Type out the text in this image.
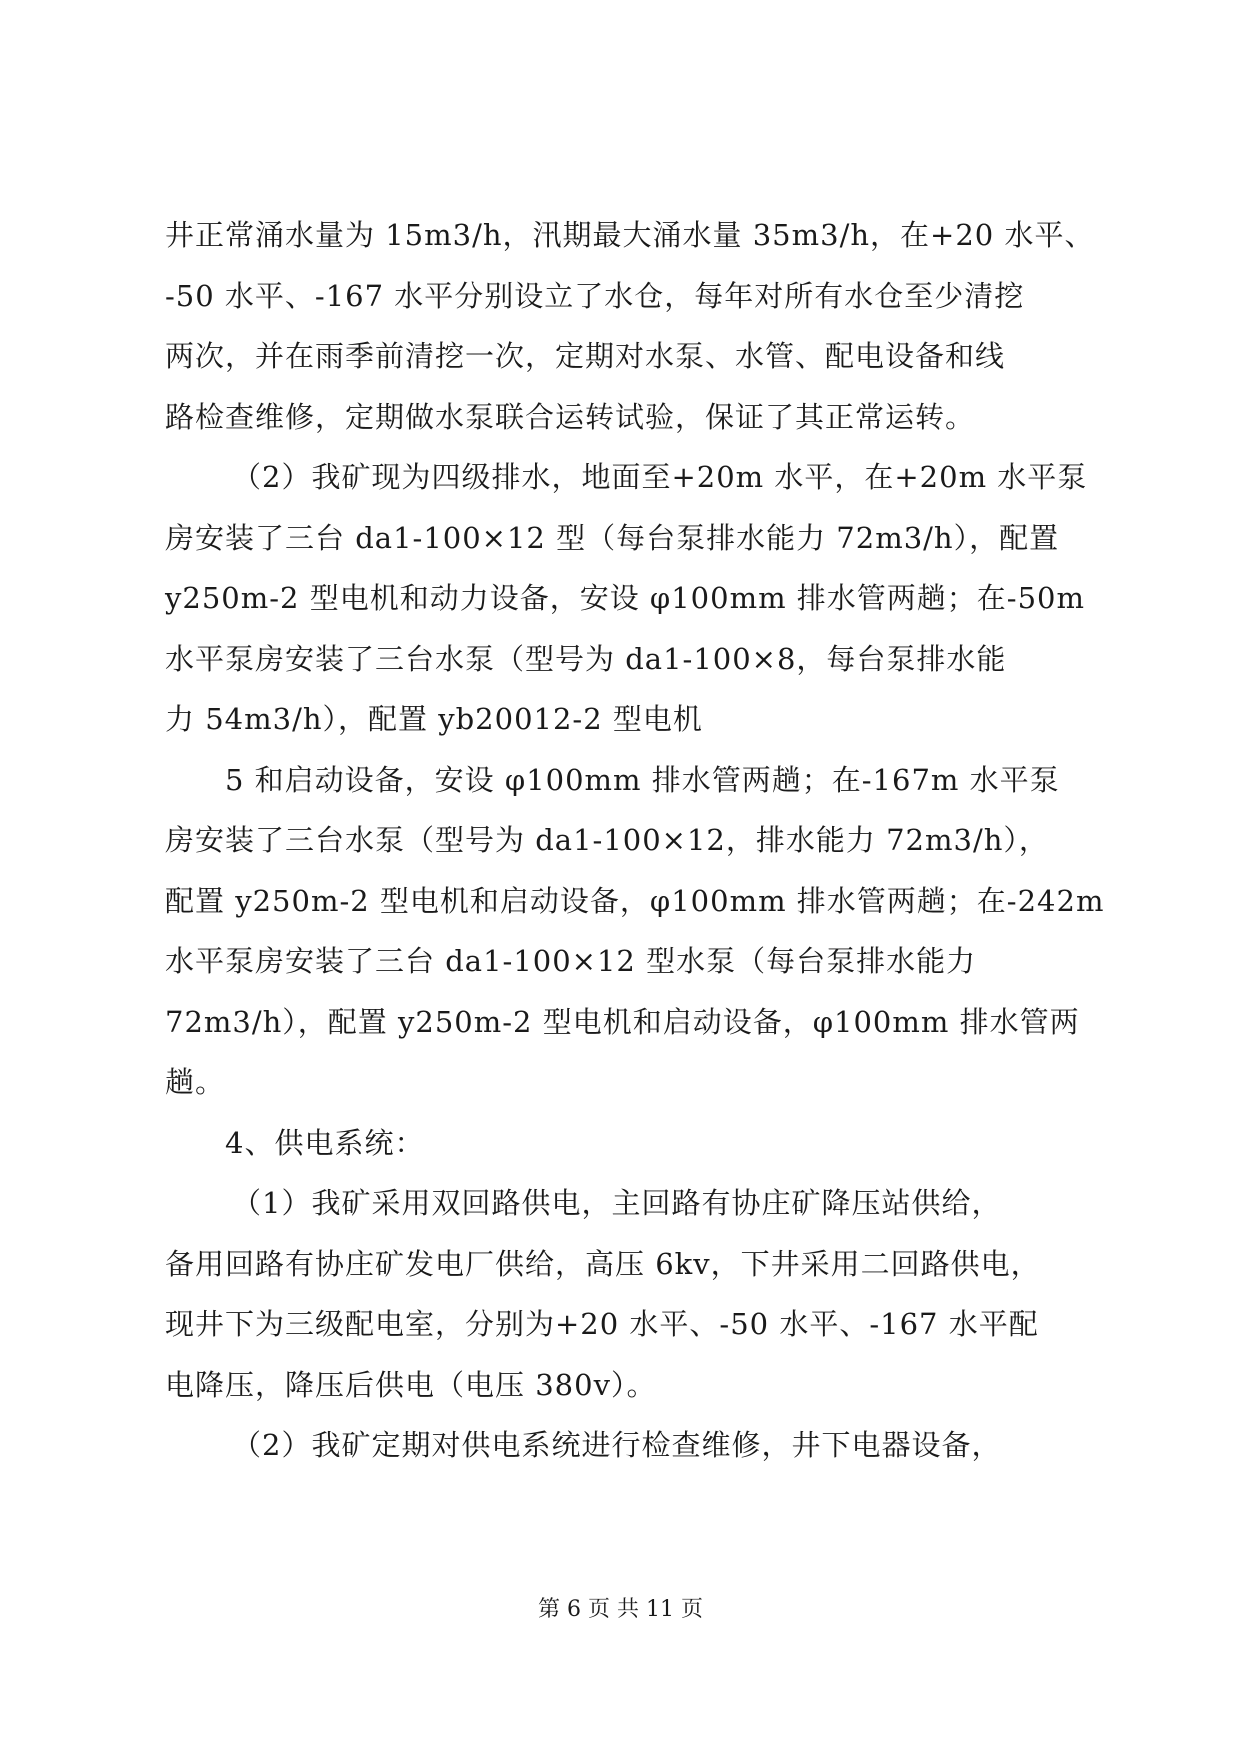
井正常涌水量为 15m3/h，汛期最大涌水量 35m3/h，在+20 水平、
-50 水平、-167 水平分别设立了水仓，每年对所有水仓至少清挖
两次，并在雨季前清挖一次，定期对水泵、水管、配电设备和线
路检查维修，定期做水泵联合运转试验，保证了其正常运转。
（2）我矿现为四级排水，地面至+20m 水平，在+20m 水平泵
房安装了三台 da1-100×12 型（每台泵排水能力 72m3/h），配置
y250m-2 型电机和动力设备，安设 φ100mm 排水管两趟；在-50m
水平泵房安装了三台水泵（型号为 da1-100×8，每台泵排水能
力 54m3/h），配置 yb20012-2 型电机
5 和启动设备，安设 φ100mm 排水管两趟；在-167m 水平泵
房安装了三台水泵（型号为 da1-100×12，排水能力 72m3/h），
配置 y250m-2 型电机和启动设备，φ100mm 排水管两趟；在-242m
水平泵房安装了三台 da1-100×12 型水泵（每台泵排水能力
72m3/h），配置 y250m-2 型电机和启动设备，φ100mm 排水管两
趟。
4、供电系统：
（1）我矿采用双回路供电，主回路有协庄矿降压站供给，
备用回路有协庄矿发电厂供给，高压 6kv，下井采用二回路供电，
现井下为三级配电室，分别为+20 水平、-50 水平、-167 水平配
电降压，降压后供电（电压 380v）。
（2）我矿定期对供电系统进行检查维修，井下电器设备，
第 6 页 共 11 页
